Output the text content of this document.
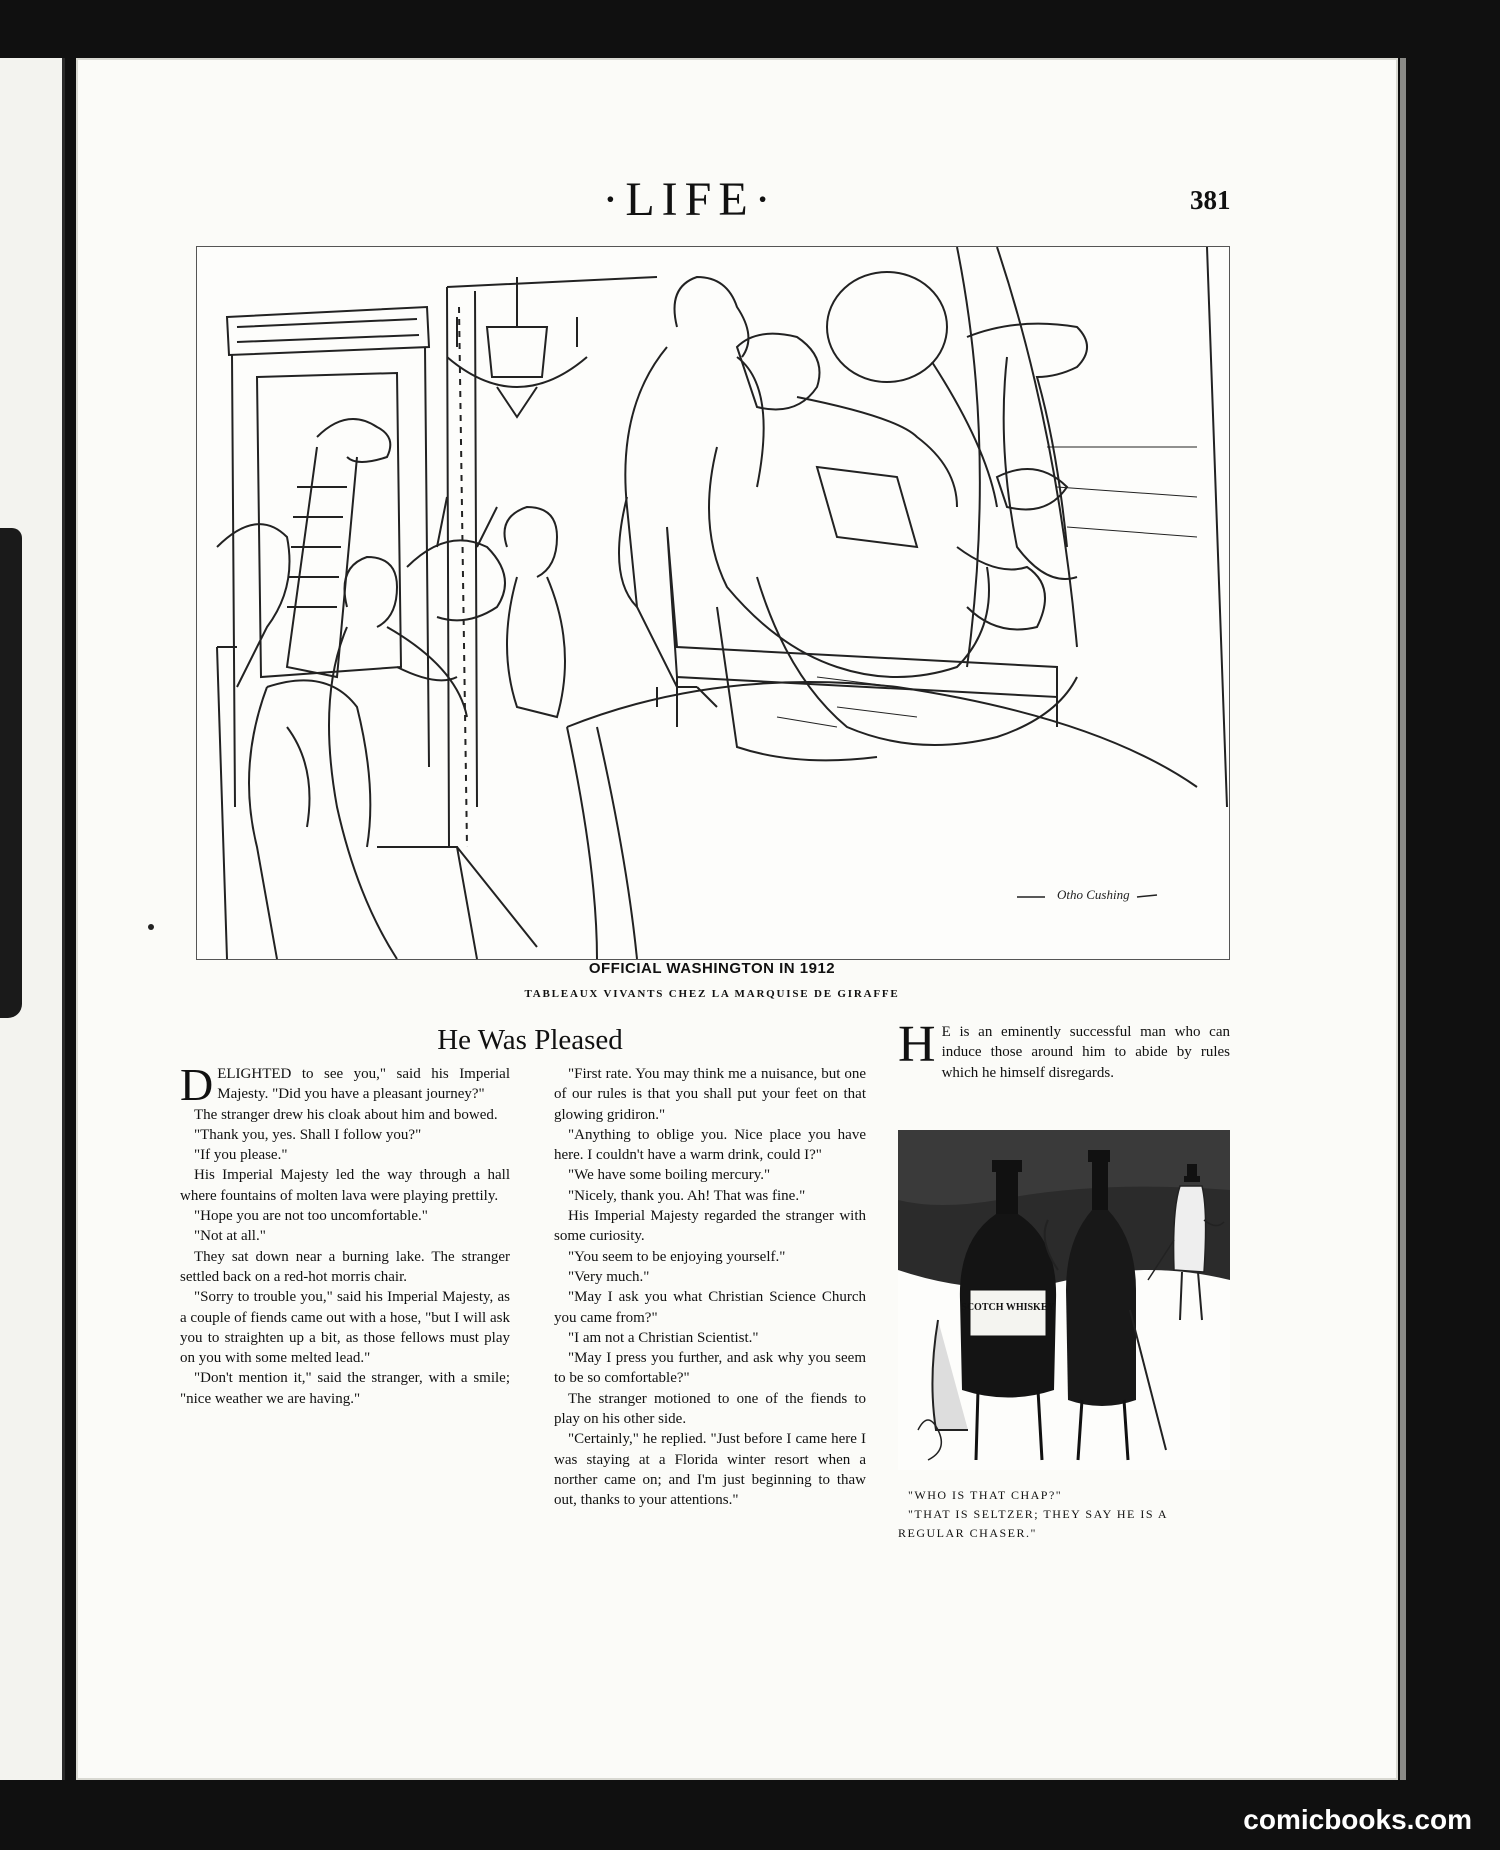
·LIFE·	381
Otho Cushing
OFFICIAL WASHINGTON IN 1912
TABLEAUX VIVANTS CHEZ LA MARQUISE DE GIRAFFE
He Was Pleased

DELIGHTED to see you," said his Imperial Majesty. "Did you have a pleasant journey?"

The stranger drew his cloak about him and bowed.

"Thank you, yes. Shall I follow you?"

"If you please."

His Imperial Majesty led the way through a hall where fountains of molten lava were playing prettily.

"Hope you are not too uncomfortable."

"Not at all."

They sat down near a burning lake. The stranger settled back on a red-hot morris chair.

"Sorry to trouble you," said his Imperial Majesty, as a couple of fiends came out with a hose, "but I will ask you to straighten up a bit, as those fellows must play on you with some melted lead."

"Don't mention it," said the stranger, with a smile; "nice weather we are having."

"First rate. You may think me a nuisance, but one of our rules is that you shall put your feet on that glowing gridiron."

"Anything to oblige you. Nice place you have here. I couldn't have a warm drink, could I?"

"We have some boiling mercury."

"Nicely, thank you. Ah! That was fine."

His Imperial Majesty regarded the stranger with some curiosity.

"You seem to be enjoying yourself."

"Very much."

"May I ask you what Christian Science Church you came from?"

"I am not a Christian Scientist."

"May I press you further, and ask why you seem to be so comfortable?"

The stranger motioned to one of the fiends to play on his other side.

"Certainly," he replied. "Just before I came here I was staying at a Florida winter resort when a norther came on; and I'm just beginning to thaw out, thanks to your attentions."

H E is an eminently successful man who can induce those around him to abide by rules which he himself disregards.

SCOTCH WHISKEY
"WHO IS THAT CHAP?"
"THAT IS SELTZER; THEY SAY HE IS A REGULAR CHASER."
comicbooks.com
